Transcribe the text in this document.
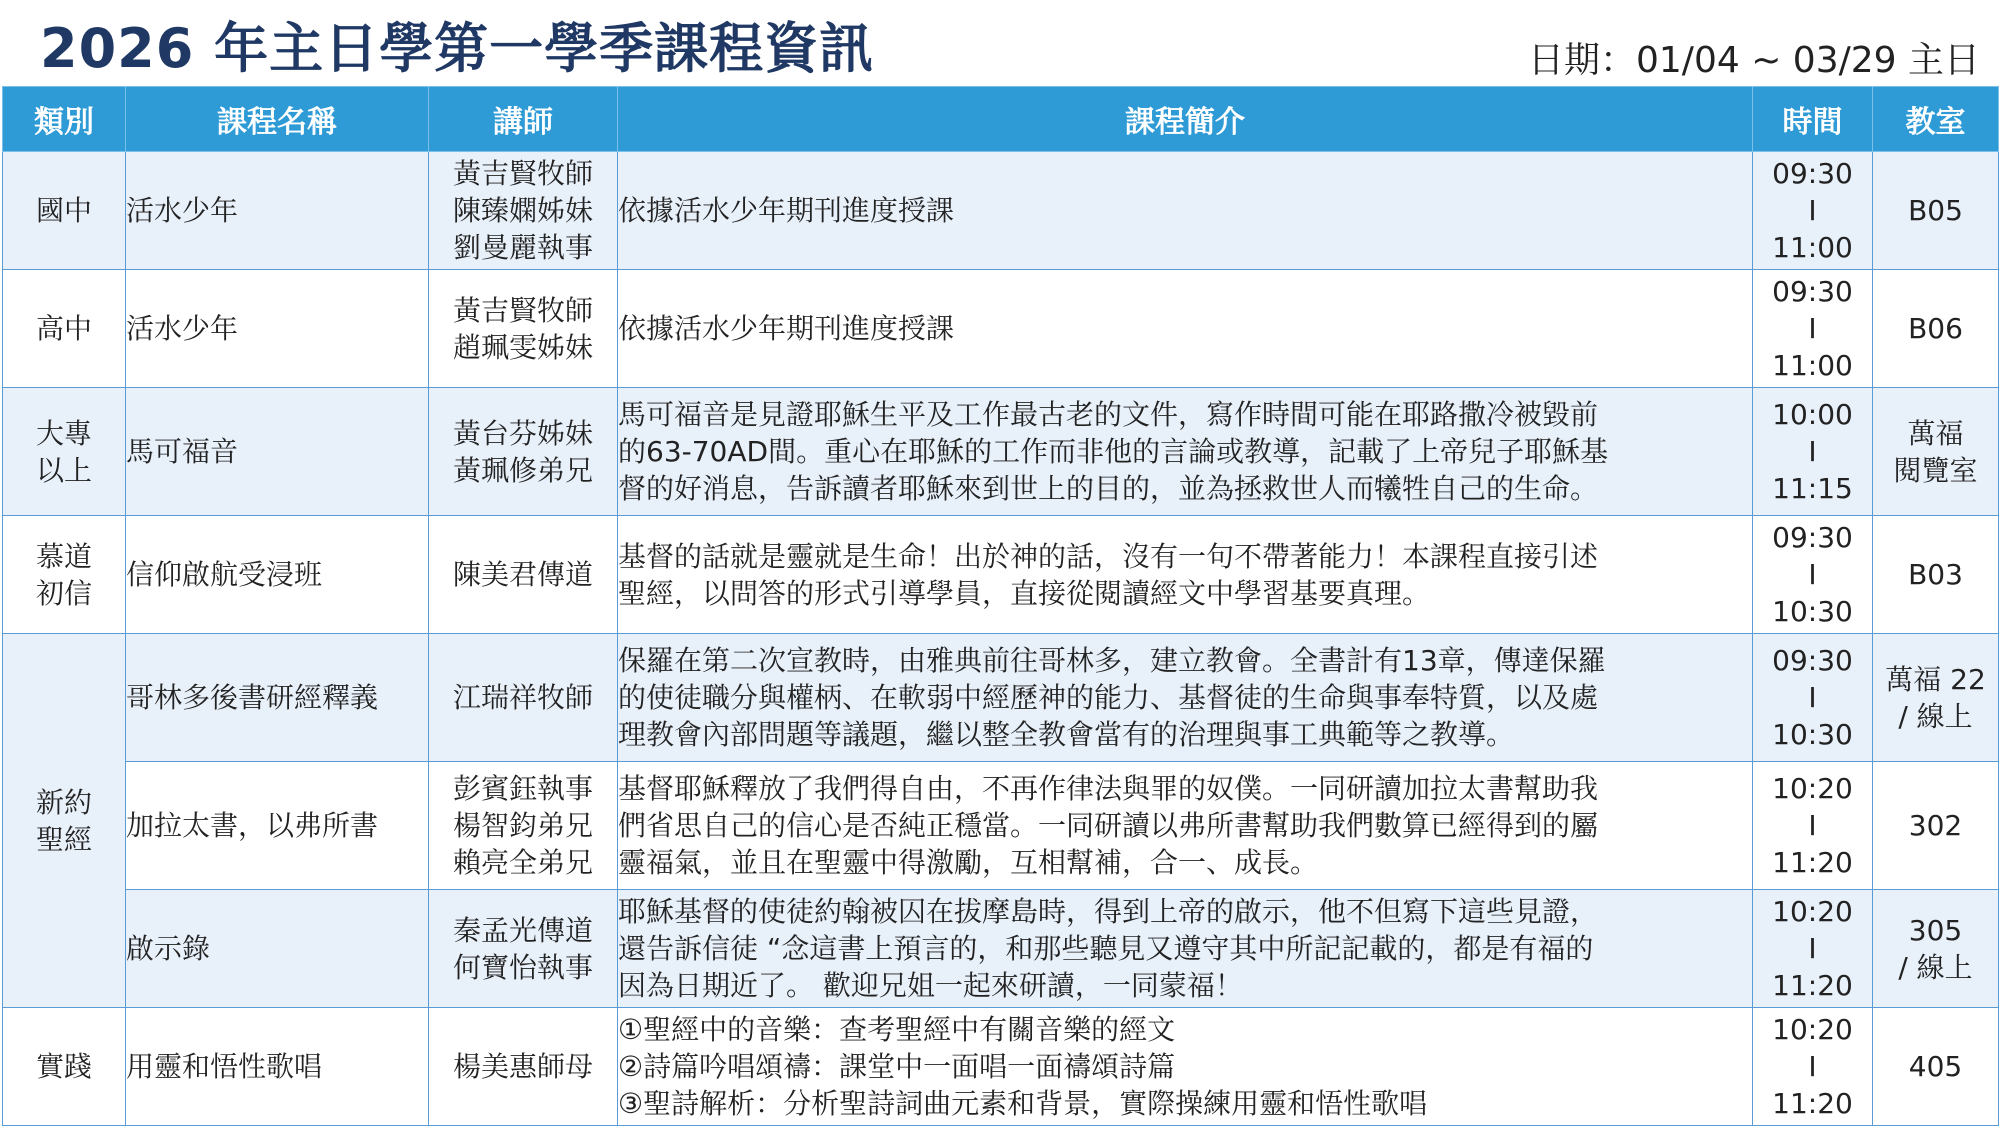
2026 年主日學第一學季課程資訊	日期：01/04 ~ 03/29 主日
類別	課程名稱	講師	課程簡介	時間	教室
國中	活水少年	黃吉賢牧師
陳臻嫻姊妹
劉曼麗執事	依據活水少年期刊進度授課	09:30
I
11:00	B05
高中	活水少年	黃吉賢牧師
趙珮雯姊妹	依據活水少年期刊進度授課	09:30
I
11:00	B06
大專
以上	馬可福音	黃台芬姊妹
黃珮修弟兄	馬可福音是見證耶穌生平及工作最古老的文件，寫作時間可能在耶路撒冷被毀前
的63-70AD間。重心在耶穌的工作而非他的言論或教導，記載了上帝兒子耶穌基
督的好消息，告訴讀者耶穌來到世上的目的，並為拯救世人而犧牲自己的生命。	10:00
I
11:15	萬福
閱覽室
慕道
初信	信仰啟航受浸班	陳美君傳道	基督的話就是靈就是生命！出於神的話，沒有一句不帶著能力！本課程直接引述
聖經，以問答的形式引導學員，直接從閱讀經文中學習基要真理。	09:30
I
10:30	B03
新約
聖經	哥林多後書研經釋義	江瑞祥牧師	保羅在第二次宣教時，由雅典前往哥林多，建立教會。全書計有13章，傳達保羅
的使徒職分與權柄、在軟弱中經歷神的能力、基督徒的生命與事奉特質，以及處
理教會內部問題等議題，繼以整全教會當有的治理與事工典範等之教導。	09:30
I
10:30	萬福 22
/ 線上
	加拉太書，以弗所書	彭賓鈺執事
楊智鈞弟兄
賴亮全弟兄	基督耶穌釋放了我們得自由，不再作律法與罪的奴僕。一同研讀加拉太書幫助我
們省思自己的信心是否純正穩當。一同研讀以弗所書幫助我們數算已經得到的屬
靈福氣，並且在聖靈中得激勵，互相幫補，合一、成長。	10:20
I
11:20	302
	啟示錄	秦孟光傳道
何寶怡執事	耶穌基督的使徒約翰被囚在拔摩島時，得到上帝的啟示，他不但寫下這些見證，
還告訴信徒 “念這書上預言的，和那些聽見又遵守其中所記記載的，都是有福的
因為日期近了。 歡迎兄姐一起來研讀，一同蒙福！	10:20
I
11:20	305
/ 線上
實踐	用靈和悟性歌唱	楊美惠師母	①聖經中的音樂：查考聖經中有關音樂的經文
②詩篇吟唱頌禱：課堂中一面唱一面禱頌詩篇
③聖詩解析：分析聖詩詞曲元素和背景，實際操練用靈和悟性歌唱	10:20
I
11:20	405
